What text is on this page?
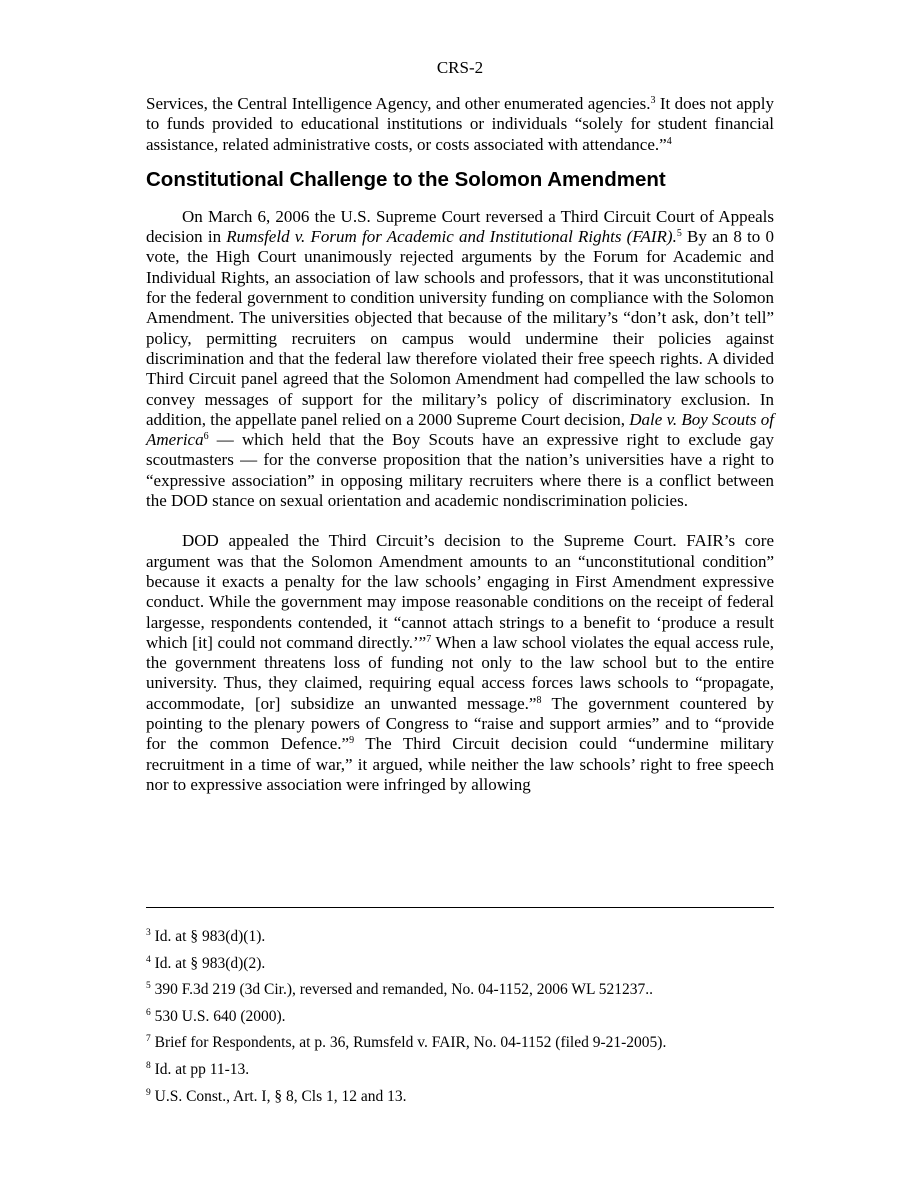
CRS-2

Services, the Central Intelligence Agency, and other enumerated agencies.$^3$ It does not apply to funds provided to educational institutions or individuals “solely for student financial assistance, related administrative costs, or costs associated with attendance.”$^4$

Constitutional Challenge to the Solomon Amendment

On March 6, 2006 the U.S. Supreme Court reversed a Third Circuit Court of Appeals decision in Rumsfeld v. Forum for Academic and Institutional Rights (FAIR).$^5$ By an 8 to 0 vote, the High Court unanimously rejected arguments by the Forum for Academic and Individual Rights, an association of law schools and professors, that it was unconstitutional for the federal government to condition university funding on compliance with the Solomon Amendment. The universities objected that because of the military’s “don’t ask, don’t tell” policy, permitting recruiters on campus would undermine their policies against discrimination and that the federal law therefore violated their free speech rights. A divided Third Circuit panel agreed that the Solomon Amendment had compelled the law schools to convey messages of support for the military’s policy of discriminatory exclusion. In addition, the appellate panel relied on a 2000 Supreme Court decision, Dale v. Boy Scouts of America$^6$ — which held that the Boy Scouts have an expressive right to exclude gay scoutmasters — for the converse proposition that the nation’s universities have a right to “expressive association” in opposing military recruiters where there is a conflict between the DOD stance on sexual orientation and academic nondiscrimination policies.

DOD appealed the Third Circuit’s decision to the Supreme Court. FAIR’s core argument was that the Solomon Amendment amounts to an “unconstitutional condition” because it exacts a penalty for the law schools’ engaging in First Amendment expressive conduct. While the government may impose reasonable conditions on the receipt of federal largesse, respondents contended, it “cannot attach strings to a benefit to ‘produce a result which [it] could not command directly.’”$^7$ When a law school violates the equal access rule, the government threatens loss of funding not only to the law school but to the entire university. Thus, they claimed, requiring equal access forces laws schools to “propagate, accommodate, [or] subsidize an unwanted message.”$^8$ The government countered by pointing to the plenary powers of Congress to “raise and support armies” and to “provide for the common Defence.”$^9$ The Third Circuit decision could “undermine military recruitment in a time of war,” it argued, while neither the law schools’ right to free speech nor to expressive association were infringed by allowing

$^3$ Id. at § 983(d)(1).
$^4$ Id. at § 983(d)(2).
$^5$ 390 F.3d 219 (3d Cir.), reversed and remanded, No. 04-1152, 2006 WL 521237..
$^6$ 530 U.S. 640 (2000).
$^7$ Brief for Respondents, at p. 36, Rumsfeld v. FAIR, No. 04-1152 (filed 9-21-2005).
$^8$ Id. at pp 11-13.
$^9$ U.S. Const., Art. I, § 8, Cls 1, 12 and 13.
